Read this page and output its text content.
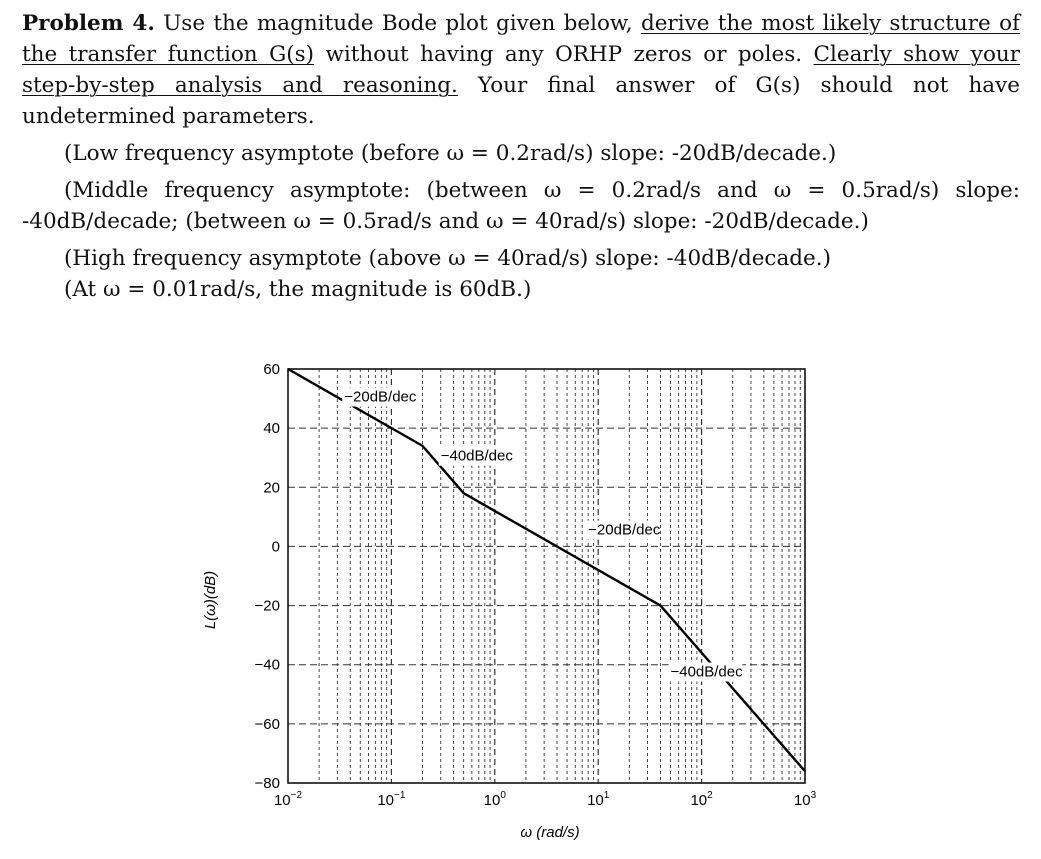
Problem 4. Use the magnitude Bode plot given below, derive the most likely structure of the transfer function G(s) without having any ORHP zeros or poles. Clearly show your step-by-step analysis and reasoning. Your final answer of G(s) should not have undetermined parameters.

(Low frequency asymptote (before ω = 0.2rad/s) slope: -20dB/decade.)

(Middle frequency asymptote: (between ω = 0.2rad/s and ω = 0.5rad/s) slope: -40dB/decade; (between ω = 0.5rad/s and ω = 40rad/s) slope: -20dB/decade.)

(High frequency asymptote (above ω = 40rad/s) slope: -40dB/decade.)

(At ω = 0.01rad/s, the magnitude is 60dB.)

60
40
20
0
−20
−40
−60
−80
$10^{-2}$	$10^{-1}$	$10^0$	$10^1$	$10^2$	$10^3$
−20dB/dec
−40dB/dec
−20dB/dec
−40dB/dec
ω (rad/s)
L(ω)(dB)
